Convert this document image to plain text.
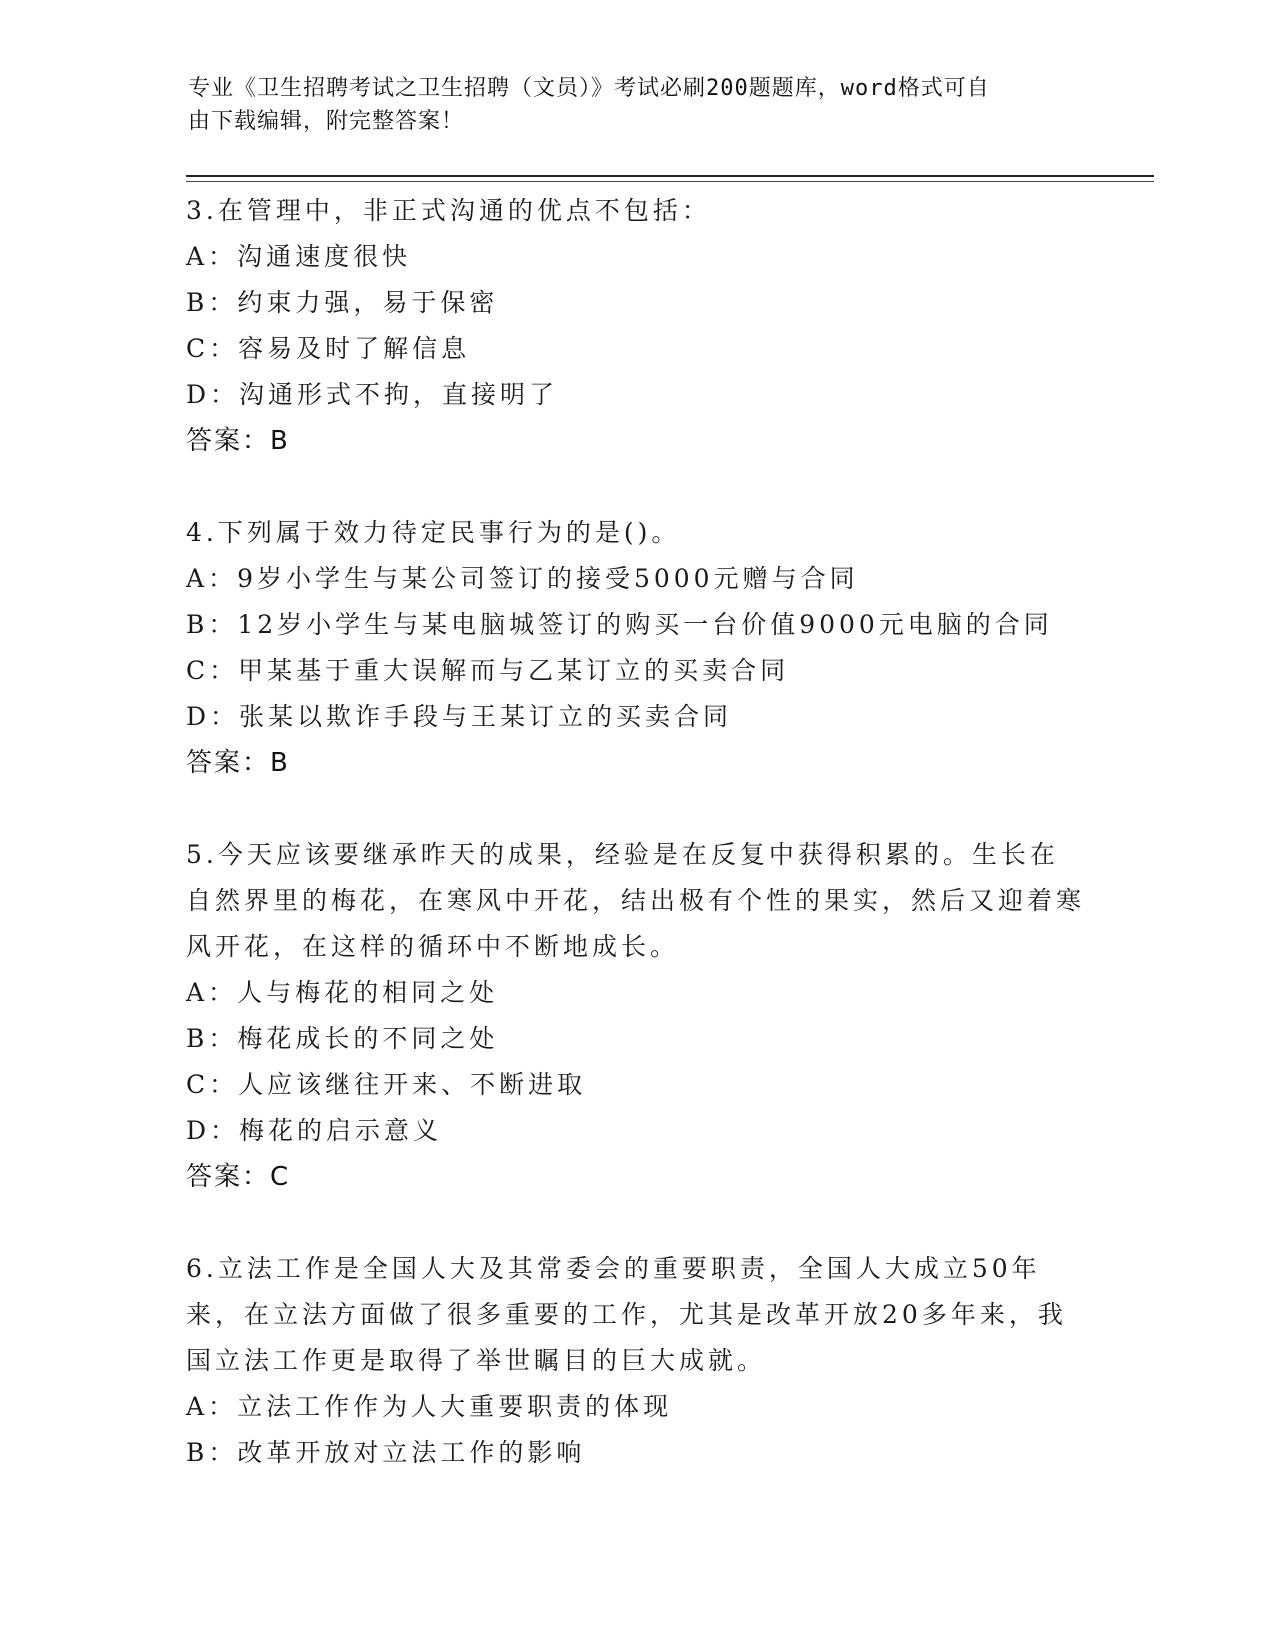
专业《卫生招聘考试之卫生招聘（文员）》考试必刷200题题库，word格式可自
由下载编辑，附完整答案！
3.在管理中，非正式沟通的优点不包括：
A：沟通速度很快
B：约束力强，易于保密
C：容易及时了解信息
D：沟通形式不拘，直接明了
答案：B
4.下列属于效力待定民事行为的是()。
A：9岁小学生与某公司签订的接受5000元赠与合同
B：12岁小学生与某电脑城签订的购买一台价值9000元电脑的合同
C：甲某基于重大误解而与乙某订立的买卖合同
D：张某以欺诈手段与王某订立的买卖合同
答案：B
5.今天应该要继承昨天的成果，经验是在反复中获得积累的。生长在自然界里的梅花，在寒风中开花，结出极有个性的果实，然后又迎着寒风开花，在这样的循环中不断地成长。
A：人与梅花的相同之处
B：梅花成长的不同之处
C：人应该继往开来、不断进取
D：梅花的启示意义
答案：C
6.立法工作是全国人大及其常委会的重要职责，全国人大成立50年来，在立法方面做了很多重要的工作，尤其是改革开放20多年来，我国立法工作更是取得了举世瞩目的巨大成就。
A：立法工作作为人大重要职责的体现
B：改革开放对立法工作的影响
